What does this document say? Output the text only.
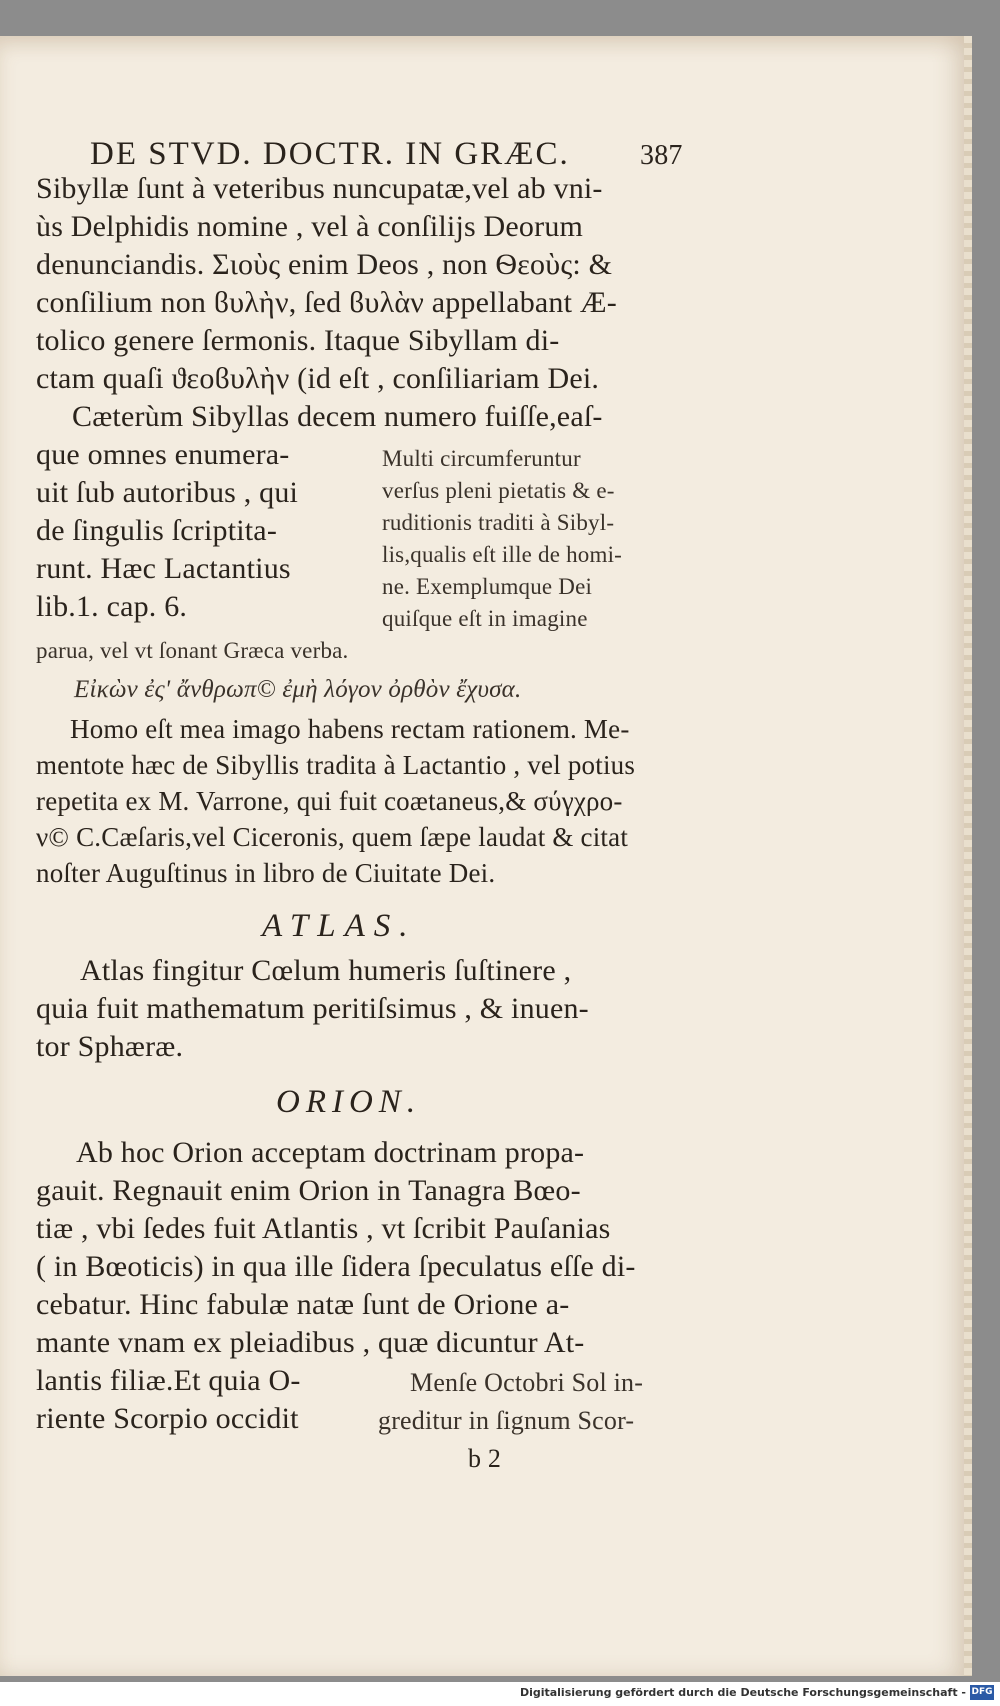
DE STVD. DOCTR. IN GRÆC.	387
Sibyllæ ſunt à veteribus nuncupatæ,vel ab vni-
ùs Delphidis nomine , vel à conſilijs Deorum
denunciandis. Σιοὺς enim Deos , non Ѳεοὺς: &
conſilium non ϐυλὴν, ſed ϐυλὰν appellabant Æ-
tolico genere ſermonis. Itaque Sibyllam di-
ctam quaſi ϑεοϐυλὴν (id eſt , conſiliariam Dei.
Cæterùm Sibyllas decem numero fuiſſe,eaſ-
que omnes enumera-
uit ſub autoribus , qui
de ſingulis ſcriptita-
runt. Hæc Lactantius
lib.1. cap. 6.
Multi circumferuntur
verſus pleni pietatis & e-
ruditionis traditi à Sibyl-
lis,qualis eſt ille de homi-
ne. Exemplumque Dei
quiſque eſt in imagine
parua, vel vt ſonant Græca verba.
Εἰκὼν ἐς' ἄνθρωπ© ἐμὴ λόγον ὀρθὸν ἔχυσα.
Homo eſt mea imago habens rectam rationem. Me-
mentote hæc de Sibyllis tradita à Lactantio , vel potius
repetita ex M. Varrone, qui fuit coætaneus,& σύγχρο-
ν© C.Cæſaris,vel Ciceronis, quem ſæpe laudat & citat
noſter Auguſtinus in libro de Ciuitate Dei.
ATLAS.
Atlas fingitur Cœlum humeris ſuſtinere ,
quia fuit mathematum peritiſsimus , & inuen-
tor Sphæræ.
ORION.
Ab hoc Orion acceptam doctrinam propa-
gauit. Regnauit enim Orion in Tanagra Bœo-
tiæ , vbi ſedes fuit Atlantis , vt ſcribit Pauſanias
( in Bœoticis) in qua ille ſidera ſpeculatus eſſe di-
cebatur. Hinc fabulæ natæ ſunt de Orione a-
mante vnam ex pleiadibus , quæ dicuntur At-
lantis filiæ.Et quia O-
riente Scorpio occidit
Menſe Octobri Sol in-
greditur in ſignum Scor-
b 2
Digitalisierung gefördert durch die Deutsche Forschungsgemeinschaft - DFG
